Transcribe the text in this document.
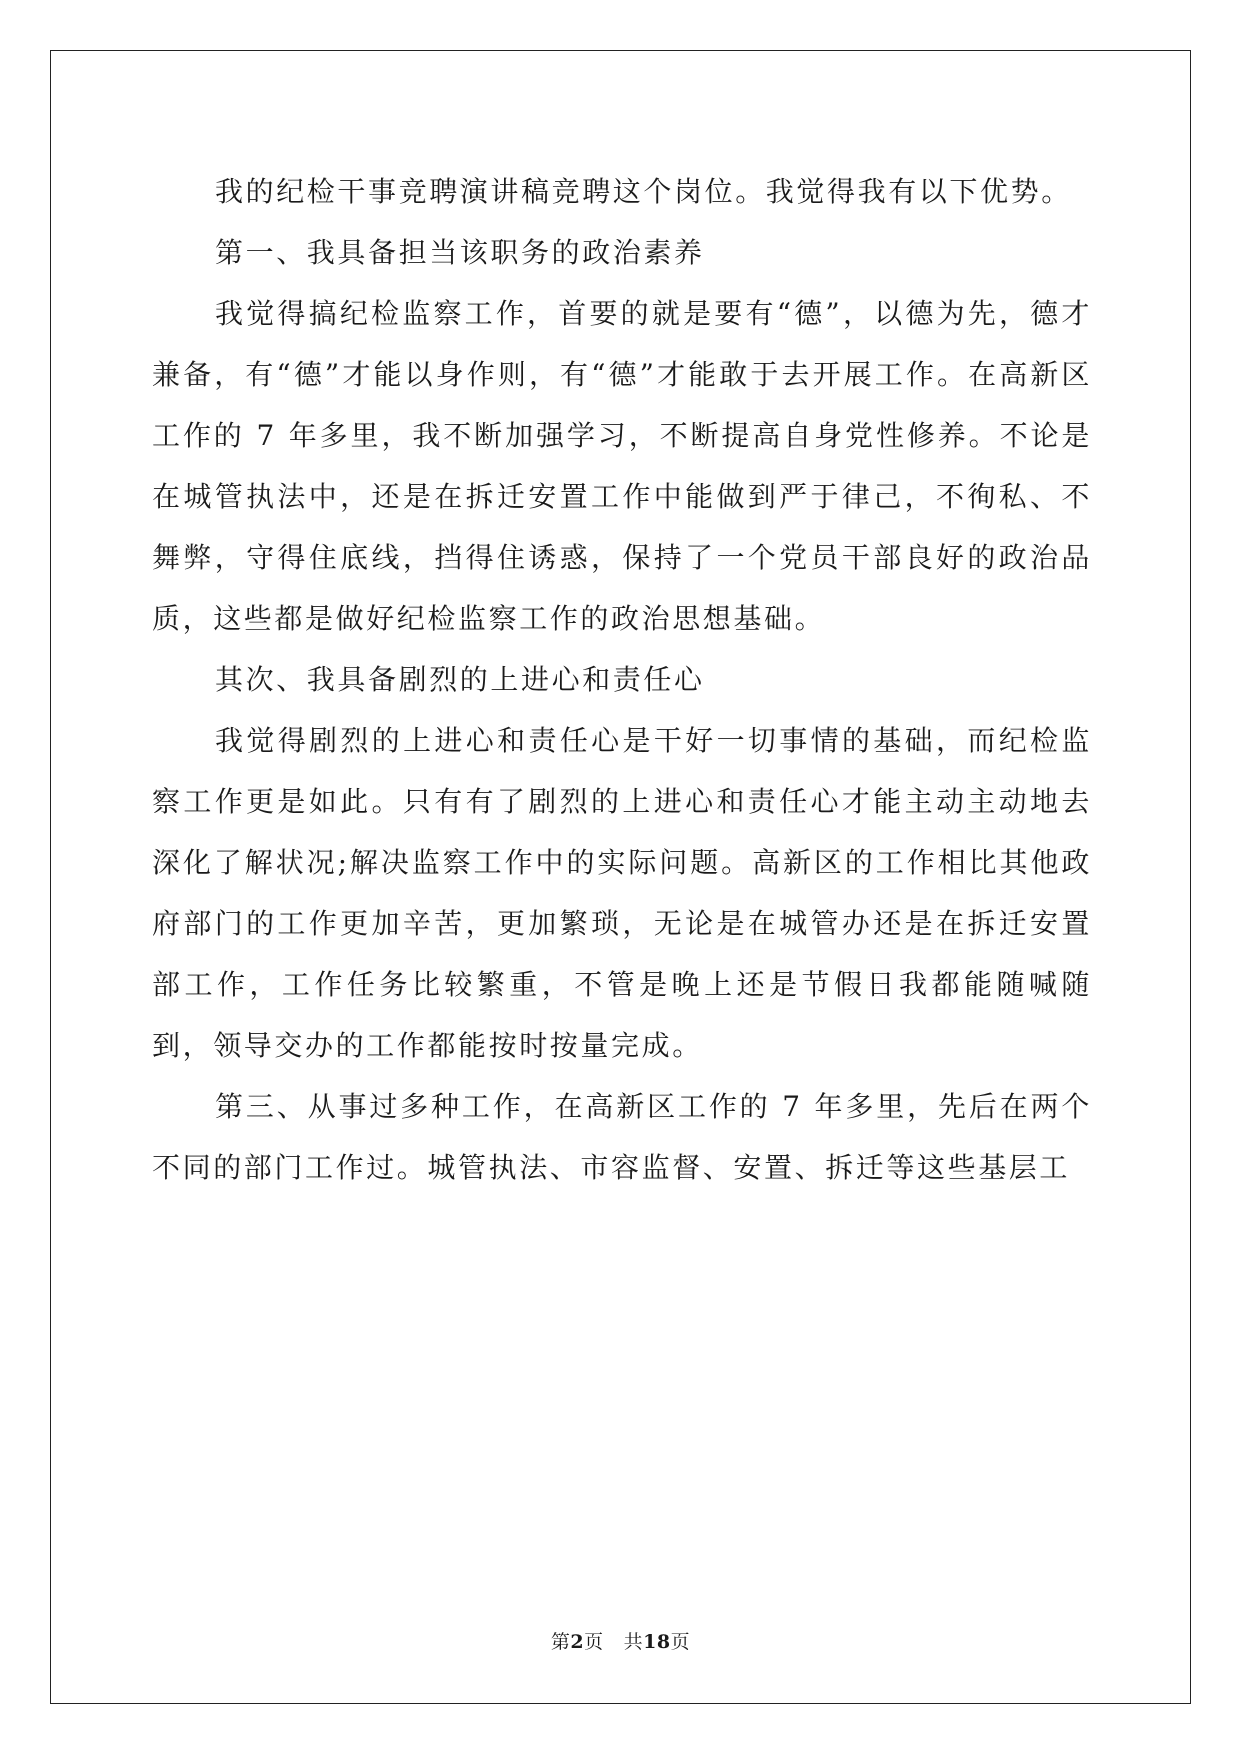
我的纪检干事竞聘演讲稿竞聘这个岗位。我觉得我有以下优势。

第一、我具备担当该职务的政治素养

我觉得搞纪检监察工作，首要的就是要有“德”，以德为先，德才兼备，有“德”才能以身作则，有“德”才能敢于去开展工作。在高新区工作的 7 年多里，我不断加强学习，不断提高自身党性修养。不论是在城管执法中，还是在拆迁安置工作中能做到严于律己，不徇私、不舞弊，守得住底线，挡得住诱惑，保持了一个党员干部良好的政治品质，这些都是做好纪检监察工作的政治思想基础。

其次、我具备剧烈的上进心和责任心

我觉得剧烈的上进心和责任心是干好一切事情的基础，而纪检监察工作更是如此。只有有了剧烈的上进心和责任心才能主动主动地去深化了解状况;解决监察工作中的实际问题。高新区的工作相比其他政府部门的工作更加辛苦，更加繁琐，无论是在城管办还是在拆迁安置部工作，工作任务比较繁重，不管是晚上还是节假日我都能随喊随到，领导交办的工作都能按时按量完成。

第三、从事过多种工作，在高新区工作的 7 年多里，先后在两个不同的部门工作过。城管执法、市容监督、安置、拆迁等这些基层工

第2页 共18页
